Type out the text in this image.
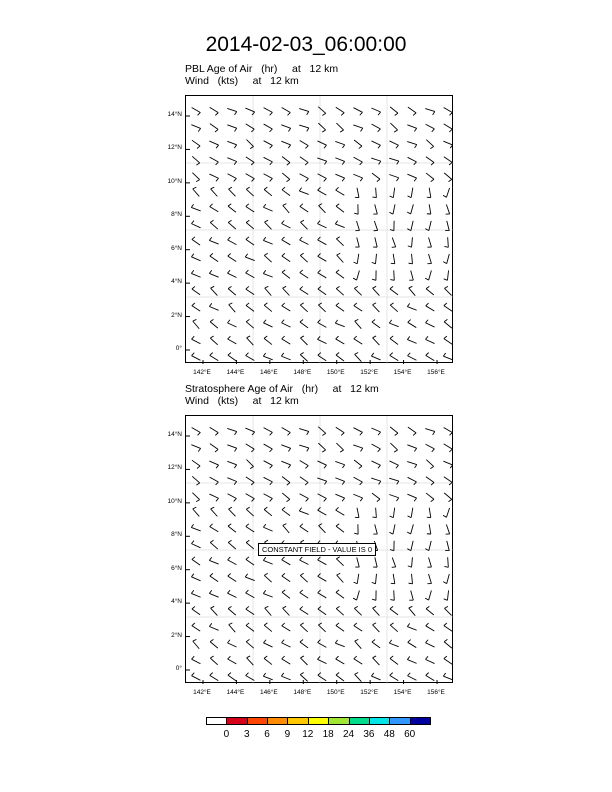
2014-02-03_06:00:00
PBL Age of Air   (hr)     at   12 km
Wind   (kts)     at   12 km
Stratosphere Age of Air   (hr)     at   12 km
Wind   (kts)     at   12 km
CONSTANT FIELD - VALUE IS 0
14°N
12°N
10°N
8°N
6°N
4°N
2°N
0°
142°E 144°E 146°E 148°E 150°E 152°E 154°E 156°E
14°N
12°N
10°N
8°N
6°N
4°N
2°N
0°
142°E 144°E 146°E 148°E 150°E 152°E 154°E 156°E
0	3	6	9	12 18 24 36 48 60
